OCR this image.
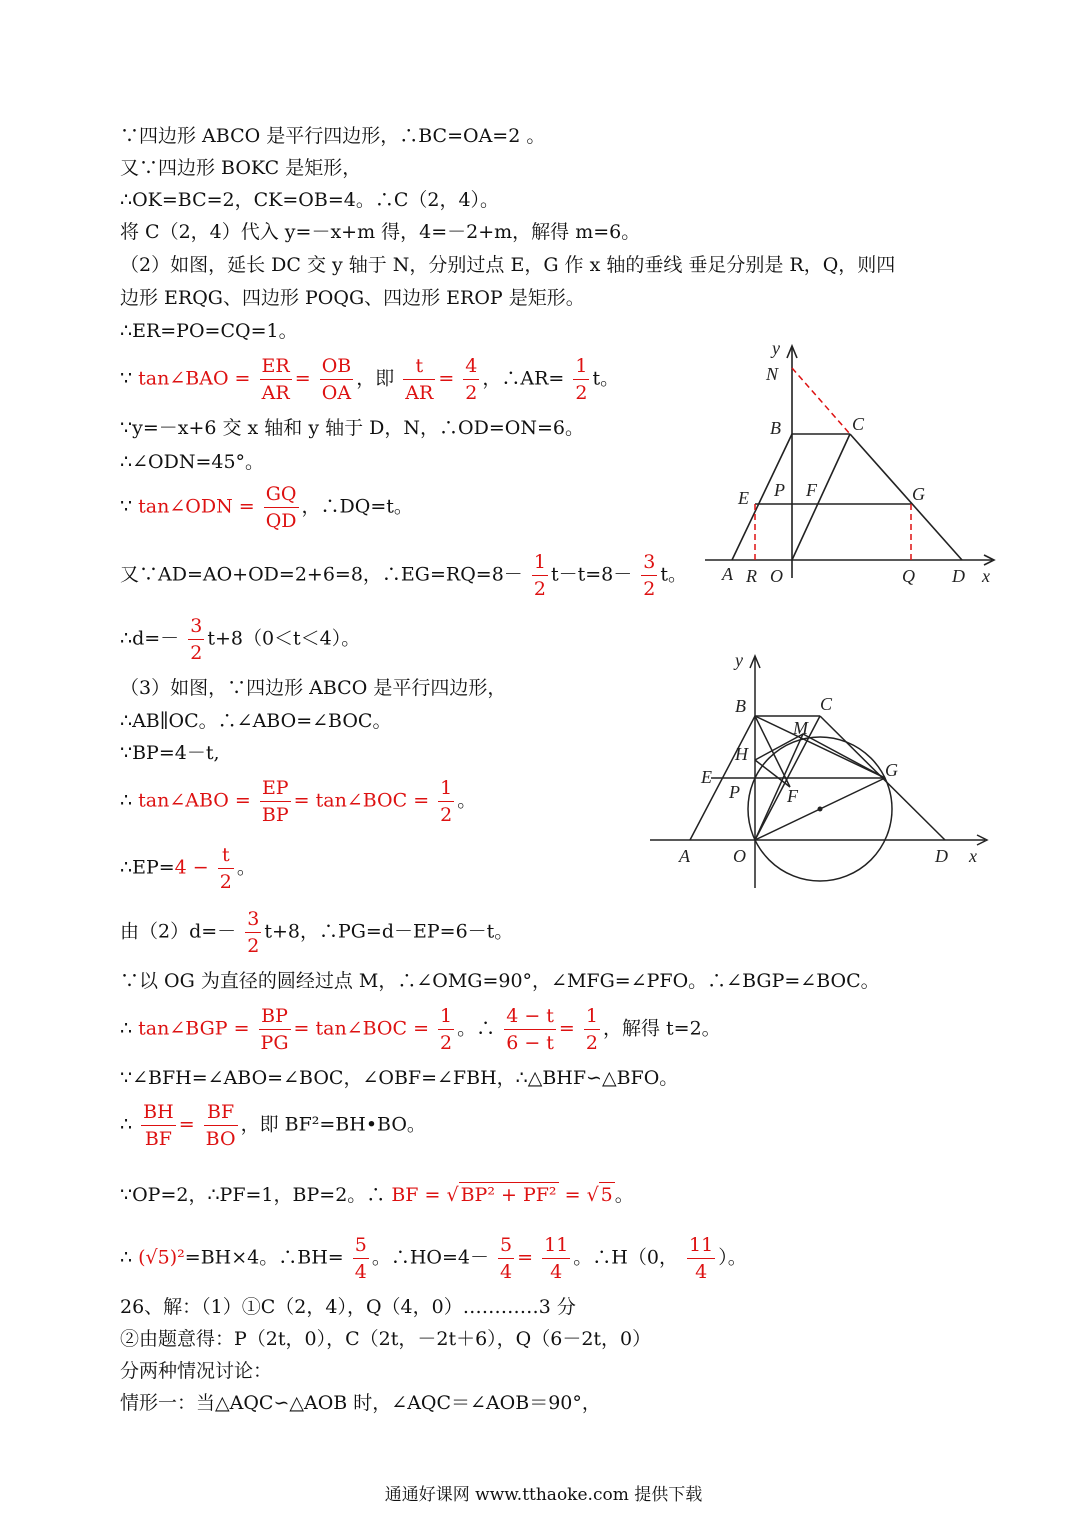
∵四边形 ABCO 是平行四边形，∴BC=OA=2 。
又∵四边形 BOKC 是矩形，
∴OK=BC=2，CK=OB=4。∴C（2，4）。
将 C（2，4）代入 y=－x+m 得，4=－2+m，解得 m=6。
（2）如图，延长 DC 交 y 轴于 N，分别过点 E，G 作 x 轴的垂线 垂足分别是 R，Q，则四
边形 ERQG、四边形 POQG、四边形 EROP 是矩形。
∴ER=PO=CQ=1。
∵ tan∠BAO = $\frac{ER}{AR} = \frac{OB}{OA}$ ，即 $\frac{t}{AR} = \frac{4}{2}$ ，∴AR= $\frac{1}{2}$ t。
∵y=－x+6 交 x 轴和 y 轴于 D，N，∴OD=ON=6。
∴∠ODN=45°。
∵ tan∠ODN = $\frac{GQ}{QD}$ ，∴DQ=t。
又∵AD=AO+OD=2+6=8，∴EG=RQ=8－ $\frac{1}{2} t-t=8- \frac{3}{2}$ t。
∴d=－ $\frac{3}{2} t+8(0<t<4)$。
（3）如图，∵四边形 ABCO 是平行四边形，
∴AB∥OC。∴∠ABO=∠BOC。
∵BP=4－t,
∴ tan∠ABO = $\frac{EP}{BP}$ = tan∠BOC = $\frac{1}{2}$ 。
∴EP=4 − $\frac{t}{2}$ 。
由$(2)d=- \frac{3}{2} t+8$，∴PG=d－EP=6－t。
∵以 OG 为直径的圆经过点 M，∴∠OMG=90°，∠MFG=∠PFO。∴∠BGP=∠BOC。
∴ tan∠BGP = $\frac{BP}{PG}$ = tan∠BOC = $\frac{1}{2}$ 。∴ $\frac{4 - t}{6 - t} = \frac{1}{2}$ ，解得 t=2。
∵∠BFH=∠ABO=∠BOC，∠OBF=∠FBH，∴△BHF∽△BFO。
∴ $\frac{BH}{BF} = \frac{BF}{BO}$ ，即 BF²=BH•BO。
∵OP=2，∴PF=1，BP=2。∴ BF = √ BP² + PF² = √ 5 。
∴ (√5)²=BH×4。∴BH= $\frac{5}{4}$ 。∴HO=4－ $\frac{5}{4} = \frac{11}{4}$ 。∴H（0， $\frac{11}{4}$ ）。
26、解：（1）①C（2，4），Q（4，0）…………3 分
②由题意得：P（2t，0），C（2t，－2t＋6），Q（6－2t，0）
分两种情况讨论：
情形一：当△AQC∽△AOB 时，∠AQC＝∠AOB＝90°，
y
N
B	C
E P F	G
A R O	Q D x
y
B	C
M
H
E
P	F
G
A O	D x
通通好课网 www.tthaoke.com 提供下载
